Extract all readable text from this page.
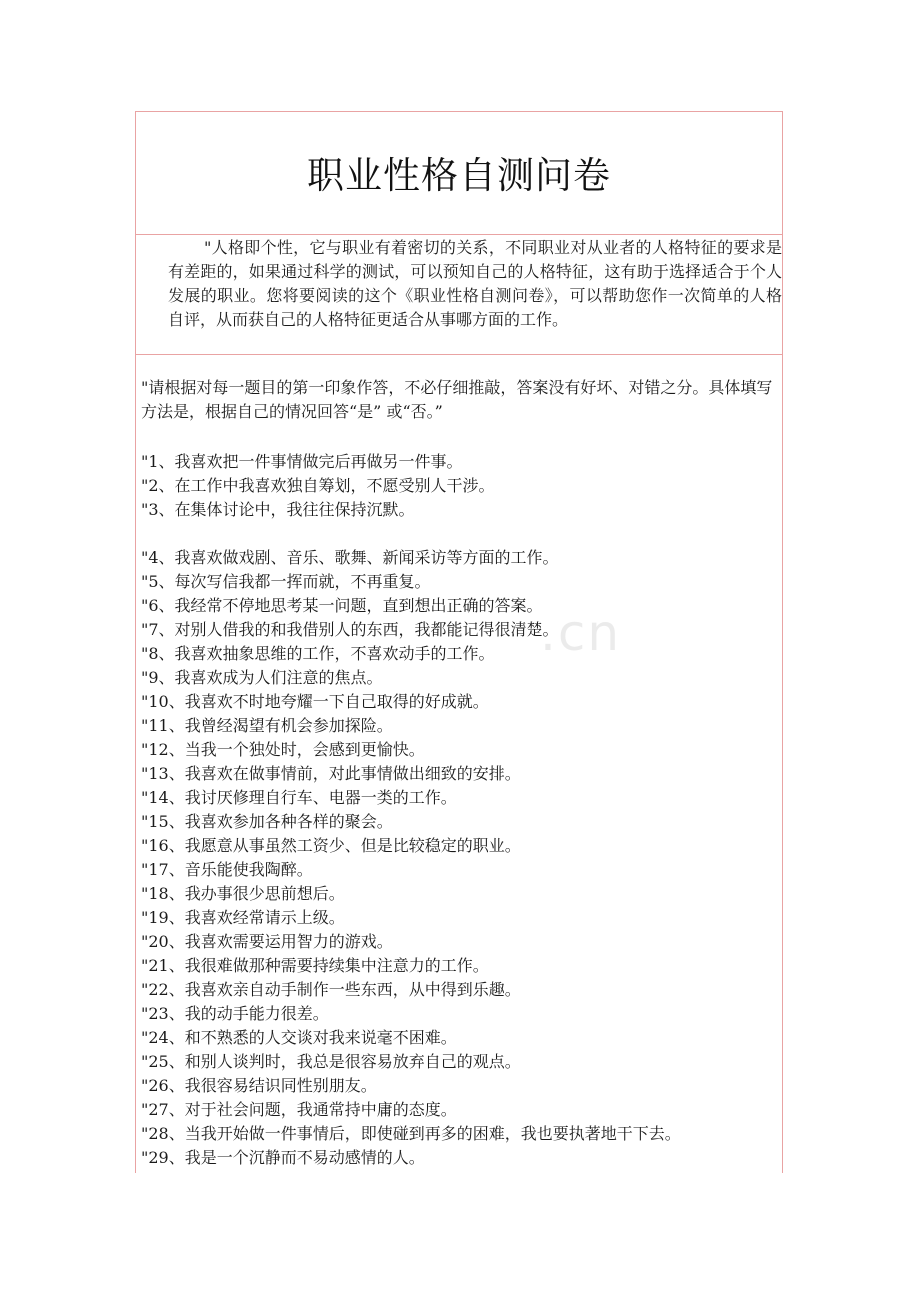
职业性格自测问卷
"人格即个性，它与职业有着密切的关系，不同职业对从业者的人格特征的要求是有差距的，如果通过科学的测试，可以预知自己的人格特征，这有助于选择适合于个人发展的职业。您将要阅读的这个《职业性格自测问卷》，可以帮助您作一次简单的人格自评，从而获自己的人格特征更适合从事哪方面的工作。
"请根据对每一题目的第一印象作答，不必仔细推敲，答案没有好坏、对错之分。具体填写方法是，根据自己的情况回答“是” 或“否。”
"1、我喜欢把一件事情做完后再做另一件事。
"2、在工作中我喜欢独自筹划，不愿受别人干涉。
"3、在集体讨论中，我往往保持沉默。
"4、我喜欢做戏剧、音乐、歌舞、新闻采访等方面的工作。
"5、每次写信我都一挥而就，不再重复。
"6、我经常不停地思考某一问题，直到想出正确的答案。
"7、对别人借我的和我借别人的东西，我都能记得很清楚。
"8、我喜欢抽象思维的工作，不喜欢动手的工作。
"9、我喜欢成为人们注意的焦点。
"10、我喜欢不时地夸耀一下自己取得的好成就。
"11、我曾经渴望有机会参加探险。
"12、当我一个独处时，会感到更愉快。
"13、我喜欢在做事情前，对此事情做出细致的安排。
"14、我讨厌修理自行车、电器一类的工作。
"15、我喜欢参加各种各样的聚会。
"16、我愿意从事虽然工资少、但是比较稳定的职业。
"17、音乐能使我陶醉。
"18、我办事很少思前想后。
"19、我喜欢经常请示上级。
"20、我喜欢需要运用智力的游戏。
"21、我很难做那种需要持续集中注意力的工作。
"22、我喜欢亲自动手制作一些东西，从中得到乐趣。
"23、我的动手能力很差。
"24、和不熟悉的人交谈对我来说毫不困难。
"25、和别人谈判时，我总是很容易放弃自己的观点。
"26、我很容易结识同性别朋友。
"27、对于社会问题，我通常持中庸的态度。
"28、当我开始做一件事情后，即使碰到再多的困难，我也要执著地干下去。
"29、我是一个沉静而不易动感情的人。
.cn
